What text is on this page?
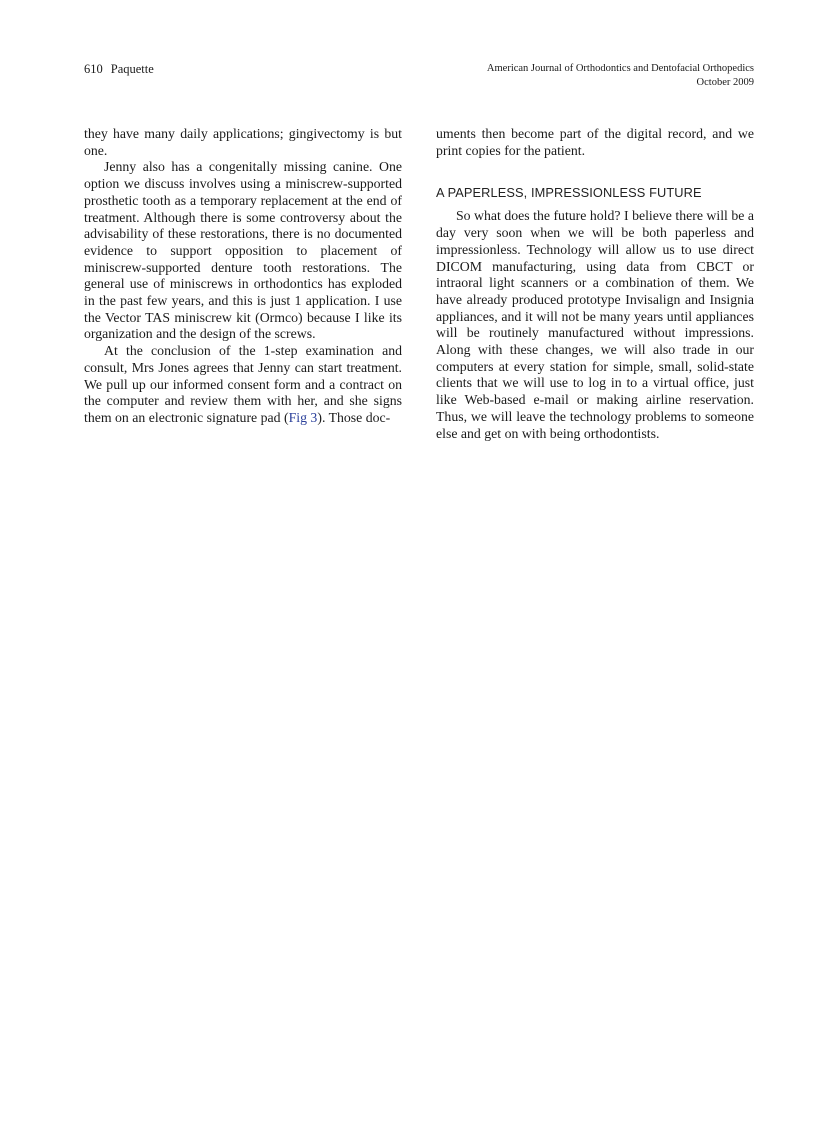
610 Paquette	American Journal of Orthodontics and Dentofacial Orthopedics
October 2009

they have many daily applications; gingivectomy is but one.

Jenny also has a congenitally missing canine. One option we discuss involves using a miniscrew-supported prosthetic tooth as a temporary replacement at the end of treatment. Although there is some controversy about the advisability of these restorations, there is no documented evidence to support opposition to placement of miniscrew-supported denture tooth restorations. The general use of miniscrews in orthodontics has exploded in the past few years, and this is just 1 application. I use the Vector TAS miniscrew kit (Ormco) because I like its organization and the design of the screws.

At the conclusion of the 1-step examination and consult, Mrs Jones agrees that Jenny can start treatment. We pull up our informed consent form and a contract on the computer and review them with her, and she signs them on an electronic signature pad (Fig 3). Those doc-

uments then become part of the digital record, and we print copies for the patient.

A PAPERLESS, IMPRESSIONLESS FUTURE

So what does the future hold? I believe there will be a day very soon when we will be both paperless and impressionless. Technology will allow us to use direct DICOM manufacturing, using data from CBCT or intraoral light scanners or a combination of them. We have already produced prototype Invisalign and Insignia appliances, and it will not be many years until appliances will be routinely manufactured without impressions. Along with these changes, we will also trade in our computers at every station for simple, small, solid-state clients that we will use to log in to a virtual office, just like Web-based e-mail or making airline reservation. Thus, we will leave the technology problems to someone else and get on with being orthodontists.
